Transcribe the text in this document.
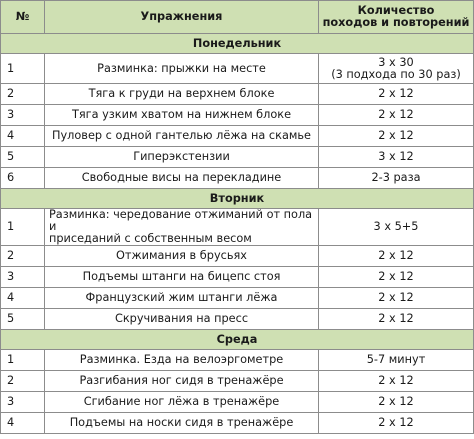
№	Упражнения	Количество
походов и повторений

Понедельник		
1	Разминка: прыжки на месте	3 х 30
(3 подхода по 30 раз)

2	Тяга к груди на верхнем блоке	2 х 12
3	Тяга узким хватом на нижнем блоке	2 х 12
4	Пуловер с одной гантелью лёжа на скамье	2 х 12
5	Гиперэкстензии	3 х 12
6	Свободные висы на перекладине	2-3 раза
Вторник		
1	Разминка: чередование отжиманий от пола и
приседаний с собственным весом	3 х 5+5
2	Отжимания в брусьях	2 х 12
3	Подъемы штанги на бицепс стоя	2 х 12
4	Французский жим штанги лёжа	2 х 12
5	Скручивания на пресс	2 х 12
Среда		
1	Разминка. Езда на велоэргометре	5-7 минут
2	Разгибания ног сидя в тренажёре	2 х 12
3	Сгибание ног лёжа в тренажёре	2 х 12
4	Подъемы на носки сидя в тренажёре	2 х 12
